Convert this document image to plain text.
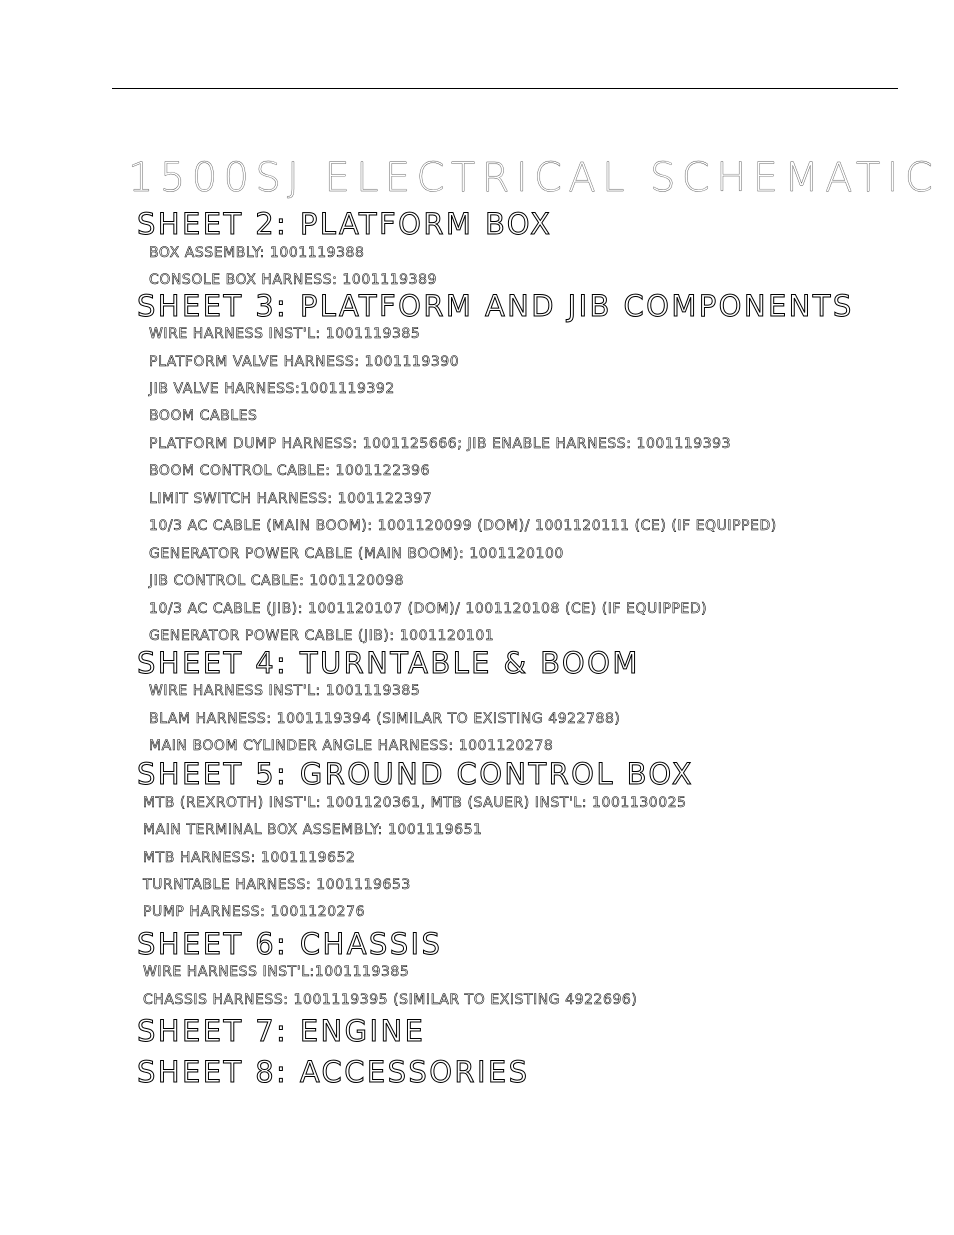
1500SJ ELECTRICAL SCHEMATIC
SHEET 2: PLATFORM BOX
BOX ASSEMBLY: 1001119388
CONSOLE BOX HARNESS: 1001119389
SHEET 3: PLATFORM AND JIB COMPONENTS
WIRE HARNESS INST'L: 1001119385
PLATFORM VALVE HARNESS: 1001119390
JIB VALVE HARNESS:1001119392
BOOM CABLES
PLATFORM DUMP HARNESS: 1001125666; JIB ENABLE HARNESS: 1001119393
BOOM CONTROL CABLE: 1001122396
LIMIT SWITCH HARNESS: 1001122397
10/3 AC CABLE (MAIN BOOM): 1001120099 (DOM)/ 1001120111 (CE) (IF EQUIPPED)
GENERATOR POWER CABLE (MAIN BOOM): 1001120100
JIB CONTROL CABLE: 1001120098
10/3 AC CABLE (JIB): 1001120107 (DOM)/ 1001120108 (CE) (IF EQUIPPED)
GENERATOR POWER CABLE (JIB): 1001120101
SHEET 4: TURNTABLE & BOOM
WIRE HARNESS INST'L: 1001119385
BLAM HARNESS: 1001119394 (SIMILAR TO EXISTING 4922788)
MAIN BOOM CYLINDER ANGLE HARNESS: 1001120278
SHEET 5: GROUND CONTROL BOX
MTB (REXROTH) INST'L: 1001120361, MTB (SAUER) INST'L: 1001130025
MAIN TERMINAL BOX ASSEMBLY: 1001119651
MTB HARNESS: 1001119652
TURNTABLE HARNESS: 1001119653
PUMP HARNESS: 1001120276
SHEET 6: CHASSIS
WIRE HARNESS INST'L:1001119385
CHASSIS HARNESS: 1001119395 (SIMILAR TO EXISTING 4922696)
SHEET 7: ENGINE
SHEET 8: ACCESSORIES
